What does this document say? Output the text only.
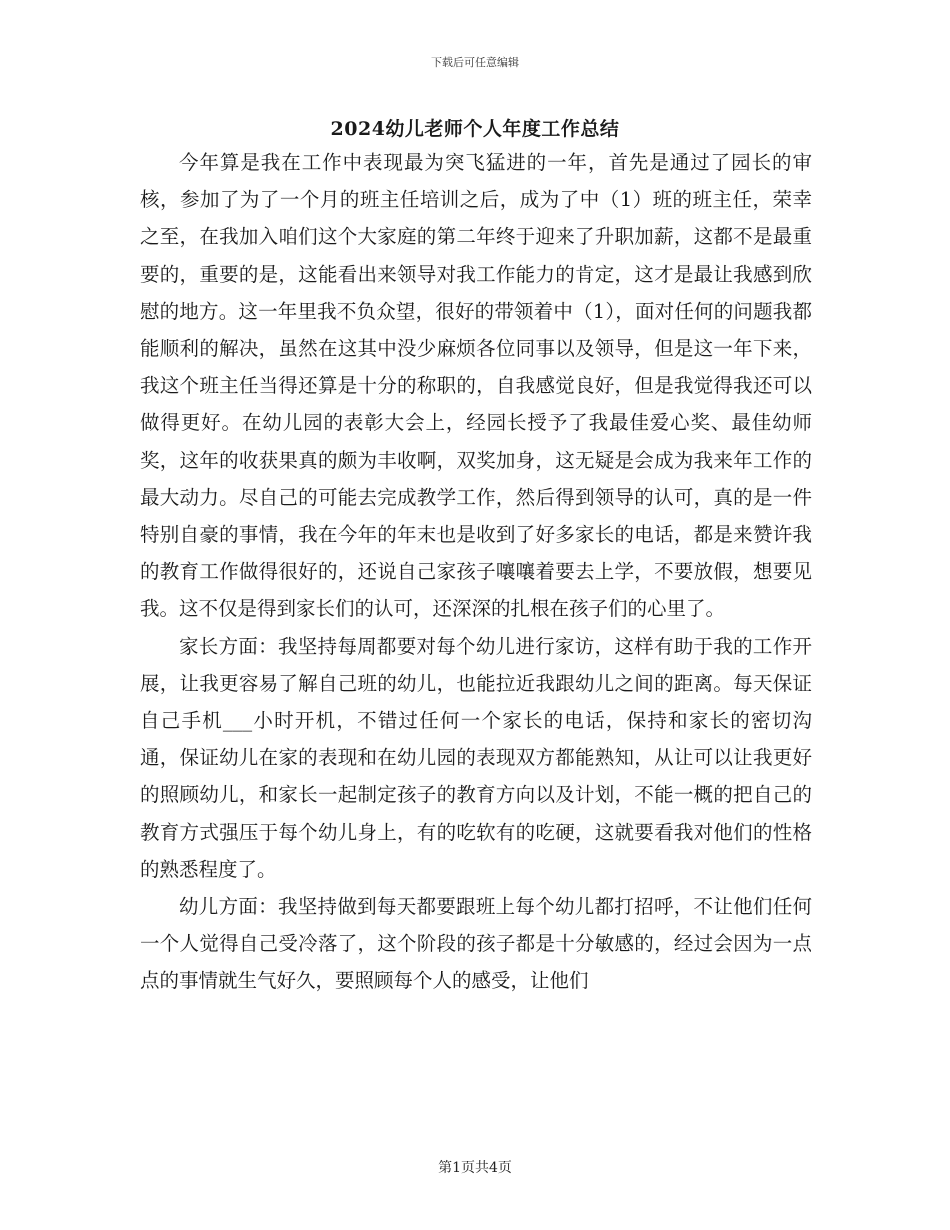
下载后可任意编辑
2024幼儿老师个人年度工作总结

今年算是我在工作中表现最为突飞猛进的一年，首先是通过了园长的审核，参加了为了一个月的班主任培训之后，成为了中（1）班的班主任，荣幸之至，在我加入咱们这个大家庭的第二年终于迎来了升职加薪，这都不是最重要的，重要的是，这能看出来领导对我工作能力的肯定，这才是最让我感到欣慰的地方。这一年里我不负众望，很好的带领着中（1），面对任何的问题我都能顺利的解决，虽然在这其中没少麻烦各位同事以及领导，但是这一年下来，我这个班主任当得还算是十分的称职的，自我感觉良好，但是我觉得我还可以做得更好。在幼儿园的表彰大会上，经园长授予了我最佳爱心奖、最佳幼师奖，这年的收获果真的颇为丰收啊，双奖加身，这无疑是会成为我来年工作的最大动力。尽自己的可能去完成教学工作，然后得到领导的认可，真的是一件特别自豪的事情，我在今年的年末也是收到了好多家长的电话，都是来赞许我的教育工作做得很好的，还说自己家孩子嚷嚷着要去上学，不要放假，想要见我。这不仅是得到家长们的认可，还深深的扎根在孩子们的心里了。

家长方面：我坚持每周都要对每个幼儿进行家访，这样有助于我的工作开展，让我更容易了解自己班的幼儿，也能拉近我跟幼儿之间的距离。每天保证自己手机___小时开机，不错过任何一个家长的电话，保持和家长的密切沟通，保证幼儿在家的表现和在幼儿园的表现双方都能熟知，从让可以让我更好的照顾幼儿，和家长一起制定孩子的教育方向以及计划，不能一概的把自己的教育方式强压于每个幼儿身上，有的吃软有的吃硬，这就要看我对他们的性格的熟悉程度了。

幼儿方面：我坚持做到每天都要跟班上每个幼儿都打招呼，不让他们任何一个人觉得自己受冷落了，这个阶段的孩子都是十分敏感的，经过会因为一点点的事情就生气好久，要照顾每个人的感受，让他们

第1页共4页
